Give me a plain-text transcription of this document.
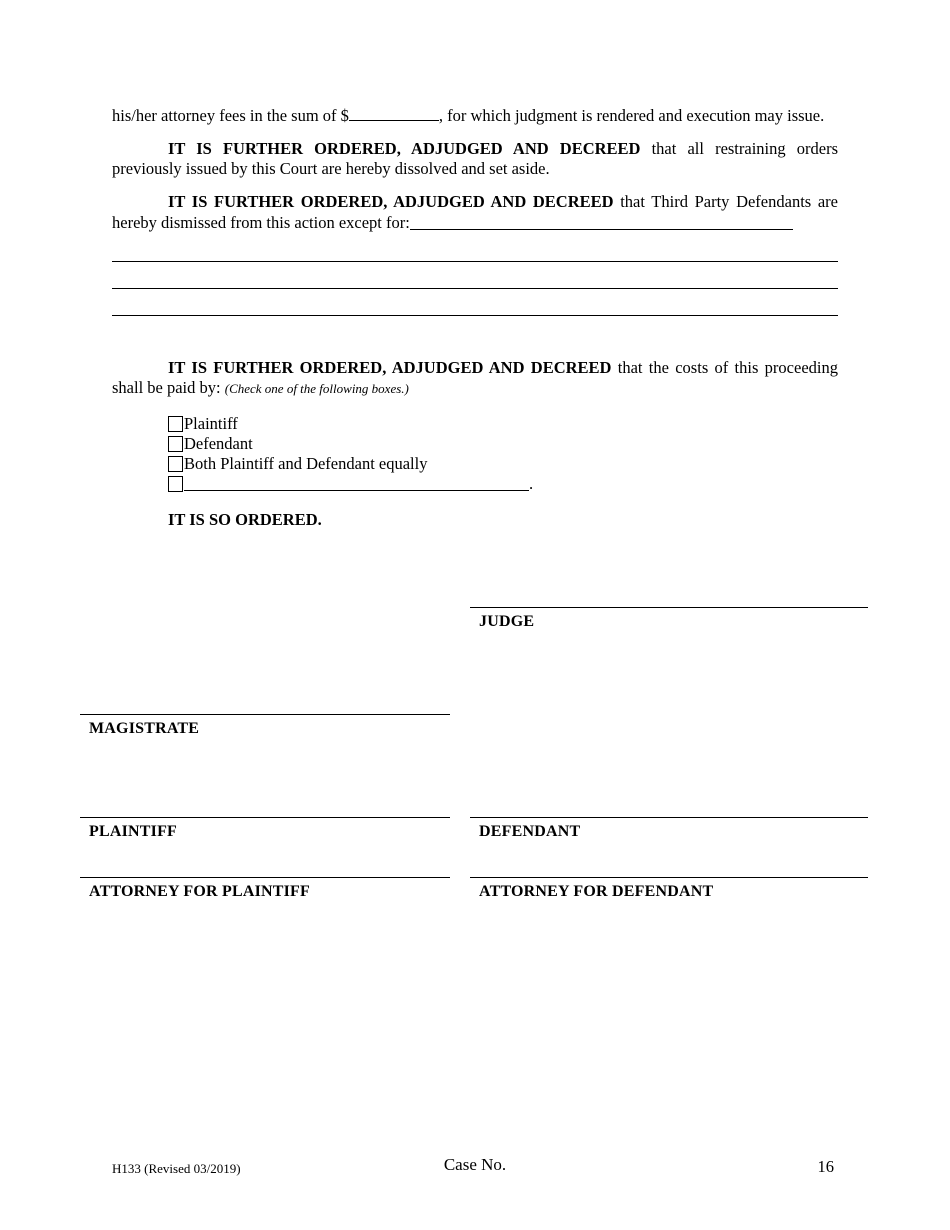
his/her attorney fees in the sum of $	, for which judgment is rendered and execution may issue.

IT IS FURTHER ORDERED, ADJUDGED AND DECREED that all restraining orders previously issued by this Court are hereby dissolved and set aside.

IT IS FURTHER ORDERED, ADJUDGED AND DECREED that Third Party Defendants are hereby dismissed from this action except for:

IT IS FURTHER ORDERED, ADJUDGED AND DECREED that the costs of this proceeding shall be paid by: (Check one of the following boxes.)

Plaintiff
Defendant
Both Plaintiff and Defendant equally
.

IT IS SO ORDERED.

JUDGE
MAGISTRATE
PLAINTIFF	DEFENDANT
ATTORNEY FOR PLAINTIFF	ATTORNEY FOR DEFENDANT
H133 (Revised 03/2019)	Case No.	16
